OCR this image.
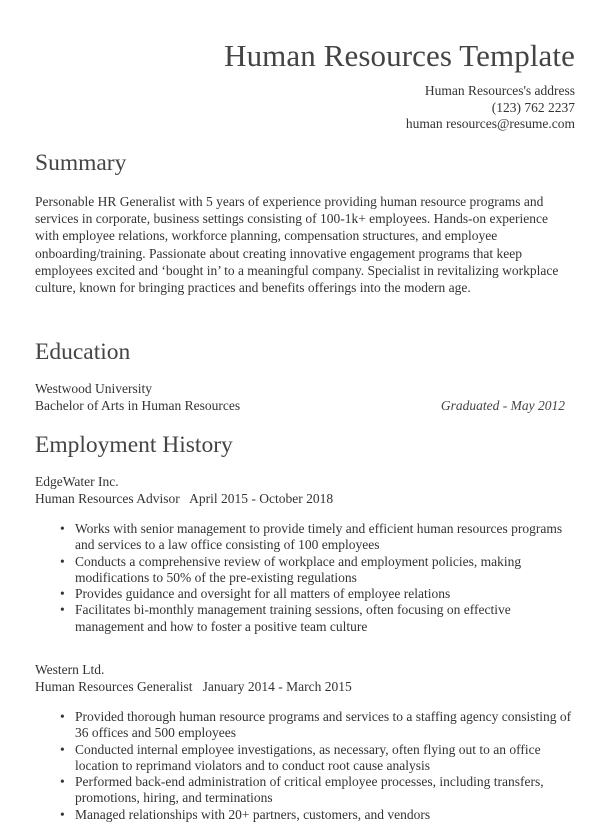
Human Resources Template
Human Resources's address
(123) 762 2237
human resources@resume.com
Summary

Personable HR Generalist with 5 years of experience providing human resource programs and services in corporate, business settings consisting of 100-1k+ employees. Hands-on experience with employee relations, workforce planning, compensation structures, and employee onboarding/training. Passionate about creating innovative engagement programs that keep employees excited and ‘bought in’ to a meaningful company. Specialist in revitalizing workplace culture, known for bringing practices and benefits offerings into the modern age.

Education
Westwood University
Bachelor of Arts in Human Resources	Graduated - May 2012
Employment History
EdgeWater Inc.
Human Resources Advisor   April 2015 - October 2018
• Works with senior management to provide timely and efficient human resources programs and services to a law office consisting of 100 employees
• Conducts a comprehensive review of workplace and employment policies, making modifications to 50% of the pre-existing regulations
• Provides guidance and oversight for all matters of employee relations
• Facilitates bi-monthly management training sessions, often focusing on effective management and how to foster a positive team culture
Western Ltd.
Human Resources Generalist   January 2014 - March 2015
• Provided thorough human resource programs and services to a staffing agency consisting of 36 offices and 500 employees
• Conducted internal employee investigations, as necessary, often flying out to an office location to reprimand violators and to conduct root cause analysis
• Performed back-end administration of critical employee processes, including transfers, promotions, hiring, and terminations
• Managed relationships with 20+ partners, customers, and vendors
